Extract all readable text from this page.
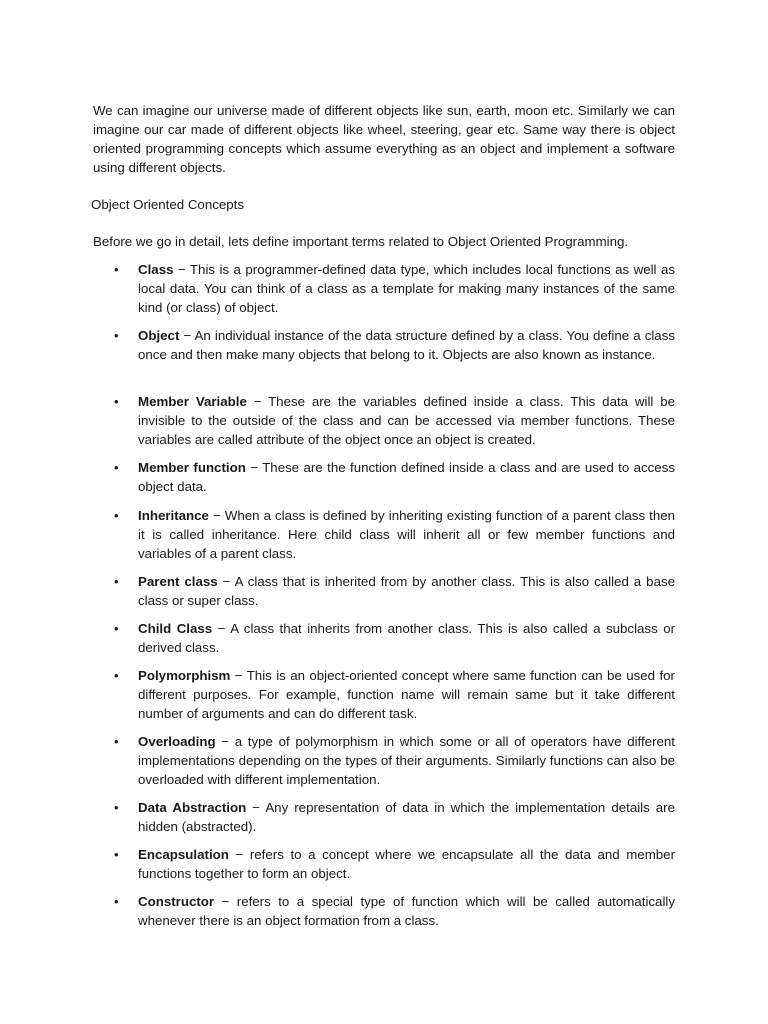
We can imagine our universe made of different objects like sun, earth, moon etc. Similarly we can imagine our car made of different objects like wheel, steering, gear etc. Same way there is object oriented programming concepts which assume everything as an object and implement a software using different objects.

Object Oriented Concepts

Before we go in detail, lets define important terms related to Object Oriented Programming.

•	Class − This is a programmer-defined data type, which includes local functions as well as local data. You can think of a class as a template for making many instances of the same kind (or class) of object.
•	Object − An individual instance of the data structure defined by a class. You define a class once and then make many objects that belong to it. Objects are also known as instance.
•	Member Variable − These are the variables defined inside a class. This data will be invisible to the outside of the class and can be accessed via member functions. These variables are called attribute of the object once an object is created.
•	Member function − These are the function defined inside a class and are used to access object data.
•	Inheritance − When a class is defined by inheriting existing function of a parent class then it is called inheritance. Here child class will inherit all or few member functions and variables of a parent class.
•	Parent class − A class that is inherited from by another class. This is also called a base class or super class.
•	Child Class − A class that inherits from another class. This is also called a subclass or derived class.
•	Polymorphism − This is an object-oriented concept where same function can be used for different purposes. For example, function name will remain same but it take different number of arguments and can do different task.
•	Overloading − a type of polymorphism in which some or all of operators have different implementations depending on the types of their arguments. Similarly functions can also be overloaded with different implementation.
•	Data Abstraction − Any representation of data in which the implementation details are hidden (abstracted).
•	Encapsulation − refers to a concept where we encapsulate all the data and member functions together to form an object.
•	Constructor − refers to a special type of function which will be called automatically whenever there is an object formation from a class.
